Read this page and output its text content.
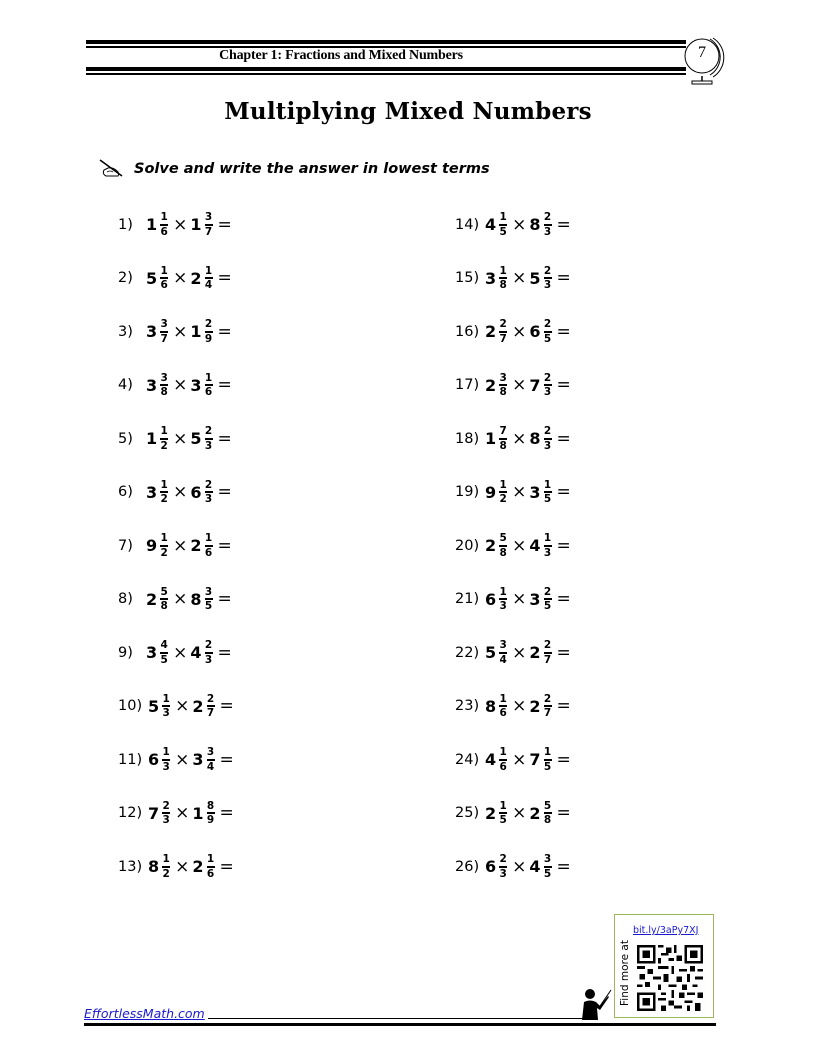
Chapter 1: Fractions and Mixed Numbers	7
Multiplying Mixed Numbers
Solve and write the answer in lowest terms
1) $1 \frac{1}{6} \times 1 \frac{3}{7}$ =
2) $5 \frac{1}{6} \times 2 \frac{1}{4}$ =
3) $3 \frac{3}{7} \times 1 \frac{2}{9}$ =
4) $3 \frac{3}{8} \times 3 \frac{1}{6}$ =
5) $1 \frac{1}{2} \times 5 \frac{2}{3}$ =
6) $3 \frac{1}{2} \times 6 \frac{2}{3}$ =
7) $9 \frac{1}{2} \times 2 \frac{1}{6}$ =
8) $2 \frac{5}{8} \times 8 \frac{3}{5}$ =
9) $3 \frac{4}{5} \times 4 \frac{2}{3}$ =
10) $5 \frac{1}{3} \times 2 \frac{2}{7}$ =
11) $6 \frac{1}{3} \times 3 \frac{3}{4}$ =
12) $7 \frac{2}{3} \times 1 \frac{8}{9}$ =
13) $8 \frac{1}{2} \times 2 \frac{1}{6}$ =
14) $4 \frac{1}{5} \times 8 \frac{2}{3}$ =
15) $3 \frac{1}{8} \times 5 \frac{2}{3}$ =
16) $2 \frac{2}{7} \times 6 \frac{2}{5}$ =
17) $2 \frac{3}{8} \times 7 \frac{2}{3}$ =
18) $1 \frac{7}{8} \times 8 \frac{2}{3}$ =
19) $9 \frac{1}{2} \times 3 \frac{1}{5}$ =
20) $2 \frac{5}{8} \times 4 \frac{1}{3}$ =
21) $6 \frac{1}{3} \times 3 \frac{2}{5}$ =
22) $5 \frac{3}{4} \times 2 \frac{2}{7}$ =
23) $8 \frac{1}{6} \times 2 \frac{2}{7}$ =
24) $4 \frac{1}{6} \times 7 \frac{1}{5}$ =
25) $2 \frac{1}{5} \times 2 \frac{5}{8}$ =
26) $6 \frac{2}{3} \times 4 \frac{3}{5}$ =
EffortlessMath.com
bit.ly/3aPy7XJ
Find more at
